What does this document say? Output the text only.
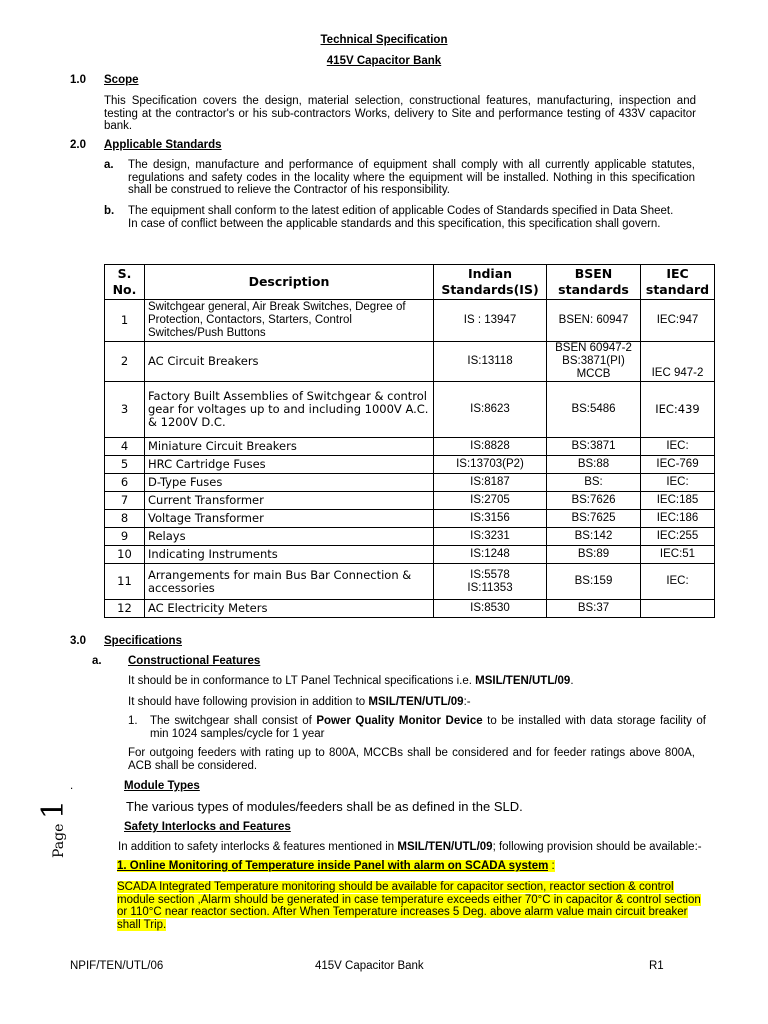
Technical Specification
415V Capacitor Bank
1.0 Scope
This Specification covers the design, material selection, constructional features, manufacturing, inspection and testing at the contractor's or his sub-contractors Works, delivery to Site and performance testing of 433V capacitor bank.
2.0 Applicable Standards
a. The design, manufacture and performance of equipment shall comply with all currently applicable statutes, regulations and safety codes in the locality where the equipment will be installed. Nothing in this specification shall be construed to relieve the Contractor of his responsibility.
b. The equipment shall conform to the latest edition of applicable Codes of Standards specified in Data Sheet.
In case of conflict between the applicable standards and this specification, this specification shall govern.
S. No.	Description	Indian Standards(IS)	BSEN standards	IEC standard
1	Switchgear general, Air Break Switches, Degree of Protection, Contactors, Starters, Control Switches/Push Buttons	IS : 13947	BSEN: 60947	IEC:947
2	AC Circuit Breakers	IS:13118	BSEN 60947-2 BS:3871(PI) MCCB	IEC 947-2
3	Factory Built Assemblies of Switchgear & control gear for voltages up to and including 1000V A.C. & 1200V D.C.	IS:8623	BS:5486	IEC:439
4	Miniature Circuit Breakers	IS:8828	BS:3871	IEC:
5	HRC Cartridge Fuses	IS:13703(P2)	BS:88	IEC-769
6	D-Type Fuses	IS:8187	BS:	IEC:
7	Current Transformer	IS:2705	BS:7626	IEC:185
8	Voltage Transformer	IS:3156	BS:7625	IEC:186
9	Relays	IS:3231	BS:142	IEC:255
10	Indicating Instruments	IS:1248	BS:89	IEC:51
11	Arrangements for main Bus Bar Connection & accessories	IS:5578 IS:11353	BS:159	IEC:
12	AC Electricity Meters	IS:8530	BS:37	
3.0 Specifications
a. Constructional Features
It should be in conformance to LT Panel Technical specifications i.e. MSIL/TEN/UTL/09.
It should have following provision in addition to MSIL/TEN/UTL/09:-
1. The switchgear shall consist of Power Quality Monitor Device to be installed with data storage facility of min 1024 samples/cycle for 1 year
For outgoing feeders with rating up to 800A, MCCBs shall be considered and for feeder ratings above 800A, ACB shall be considered.
.	Module Types
The various types of modules/feeders shall be as defined in the SLD.
Safety Interlocks and Features
In addition to safety interlocks & features mentioned in MSIL/TEN/UTL/09; following provision should be available:-
1. Online Monitoring of Temperature inside Panel with alarm on SCADA system :
SCADA Integrated Temperature monitoring should be available for capacitor section, reactor section & control module section ,Alarm should be generated in case temperature exceeds either 70°C in capacitor & control section or 110°C near reactor section. After When Temperature increases 5 Deg. above alarm value main circuit breaker shall Trip.
Page 1
NPIF/TEN/UTL/06	415V Capacitor Bank	R1
